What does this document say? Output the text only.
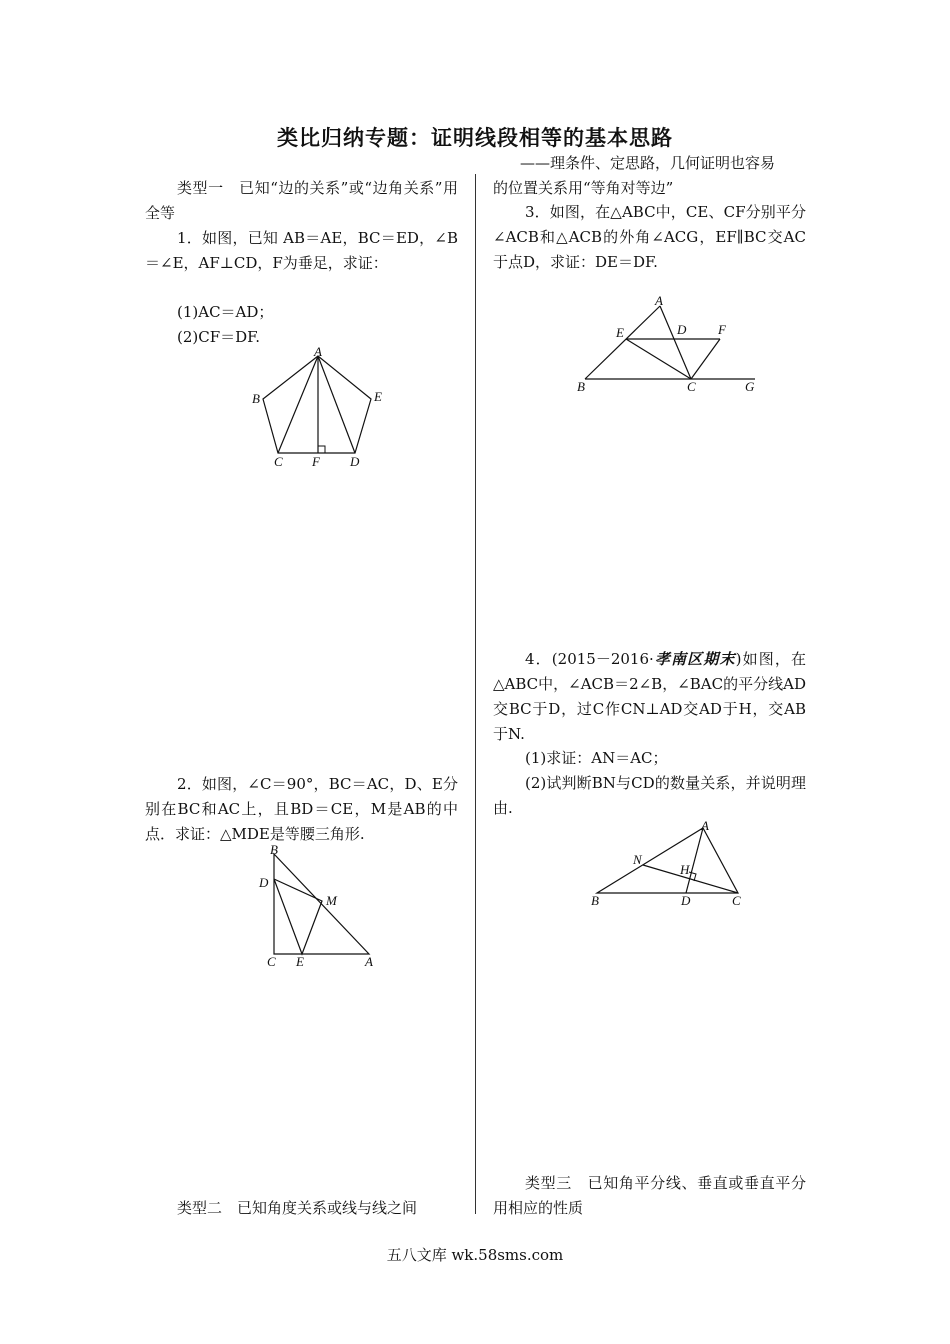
类比归纳专题：证明线段相等的基本思路
——理条件、定思路，几何证明也容易
类型一　已知“边的关系”或“边角关系”用全等
1．如图，已知 AB＝AE，BC＝ED，∠B＝∠E，AF⊥CD，F为垂足，求证：
(1)AC＝AD；
(2)CF＝DF.
A
B
C F D
E
2．如图，∠C＝90°，BC＝AC，D、E分别在BC和AC上，且BD＝CE，M是AB的中点．求证：△MDE是等腰三角形.
B
D
M
C E	A
类型二　已知角度关系或线与线之间
的位置关系用“等角对等边”
3．如图，在△ABC中，CE、CF分别平分∠ACB和△ACB的外角∠ACG，EF∥BC交AC于点D，求证：DE＝DF.
A
E	D F
B	C	G
4．(2015－2016·孝南区期末)如图，在△ABC中，∠ACB＝2∠B，∠BAC的平分线AD交BC于D，过C作CN⊥AD交AD于H，交AB于N.
(1)求证：AN＝AC；
(2)试判断BN与CD的数量关系，并说明理由.
A
N
H
B	D	C
类型三　已知角平分线、垂直或垂直平分用相应的性质
五八文库 wk.58sms.com
